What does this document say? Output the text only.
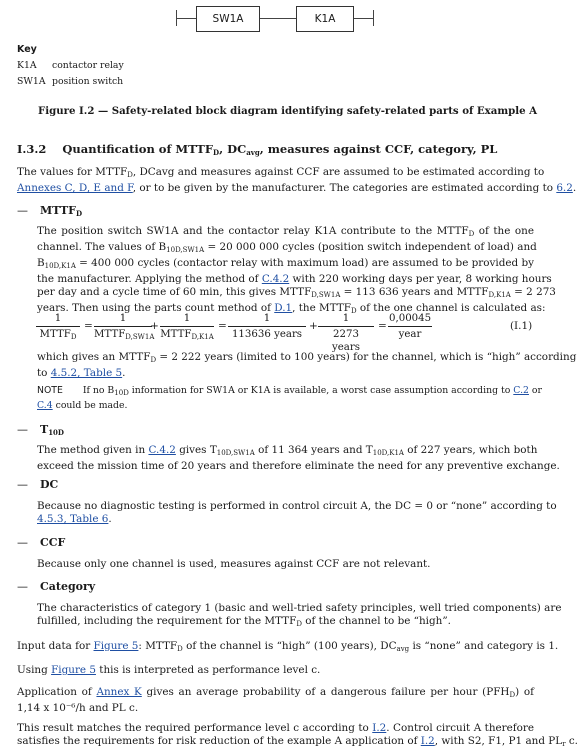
SW1A	K1A
Key
K1A contactor relay
SW1A position switch
Figure I.2 — Safety-related block diagram identifying safety-related parts of Example A
I.3.2 Quantification of $MTTF_D$, $DC_{avg}$, measures against CCF, category, PL
The values for $MTTF_D$, DCavg and measures against CCF are assumed to be estimated according to
Annexes C, D, E and F, or to be given by the manufacturer. The categories are estimated according to 6.2.
— $MTTF_D$
The position switch SW1A and the contactor relay K1A contribute to the $MTTF_D$ of the one
channel. The values of $B_{10D,SW1A} = 20$ 000 000 cycles (position switch independent of load) and
$B_{10D,K1A} = 400$ 000 cycles (contactor relay with maximum load) are assumed to be provided by
the manufacturer. Applying the method of C.4.2 with 220 working days per year, 8 working hours
per day and a cycle time of 60 min, this gives $MTTF_{D,SW1A} = 113$ 636 years and $MTTF_{D,K1A} = 2$ 273
years. Then using the parts count method of D.1, the $MTTF_D$ of the one channel is calculated as:
1
$MTTF_D$
=
1
$MTTF_{D,SW1A}$
+
1
$MTTF_{D,K1A}$
=
1
113636 years
+
1
2273 years
=
0,00045
year
(I.1)
which gives an $MTTF_D = 2$ 222 years (limited to 100 years) for the channel, which is “high” according
to 4.5.2, Table 5.
NOTE If no $B_{10D}$ information for SW1A or K1A is available, a worst case assumption according to C.2 or
C.4 could be made.
— $T_{10D}$
The method given in C.4.2 gives $T_{10D,SW1A}$ of 11 364 years and $T_{10D,K1A}$ of 227 years, which both
exceed the mission time of 20 years and therefore eliminate the need for any preventive exchange.
— DC
Because no diagnostic testing is performed in control circuit A, the DC = 0 or “none” according to
4.5.3, Table 6.
— CCF
Because only one channel is used, measures against CCF are not relevant.
— Category
The characteristics of category 1 (basic and well-tried safety principles, well tried components) are
fulfilled, including the requirement for the $MTTF_D$ of the channel to be “high”.
Input data for Figure 5: $MTTF_D$ of the channel is “high” (100 years), $DC_{avg}$ is “none” and category is 1.
Using Figure 5 this is interpreted as performance level c.
Application of Annex K gives an average probability of a dangerous failure per hour $(PFH_D)$ of
1,14 x 10⁻⁶/h and PL c.
This result matches the required performance level c according to I.2. Control circuit A therefore
satisfies the requirements for risk reduction of the example A application of I.2, with S2, F1, P1 and $PL_r$ c.
